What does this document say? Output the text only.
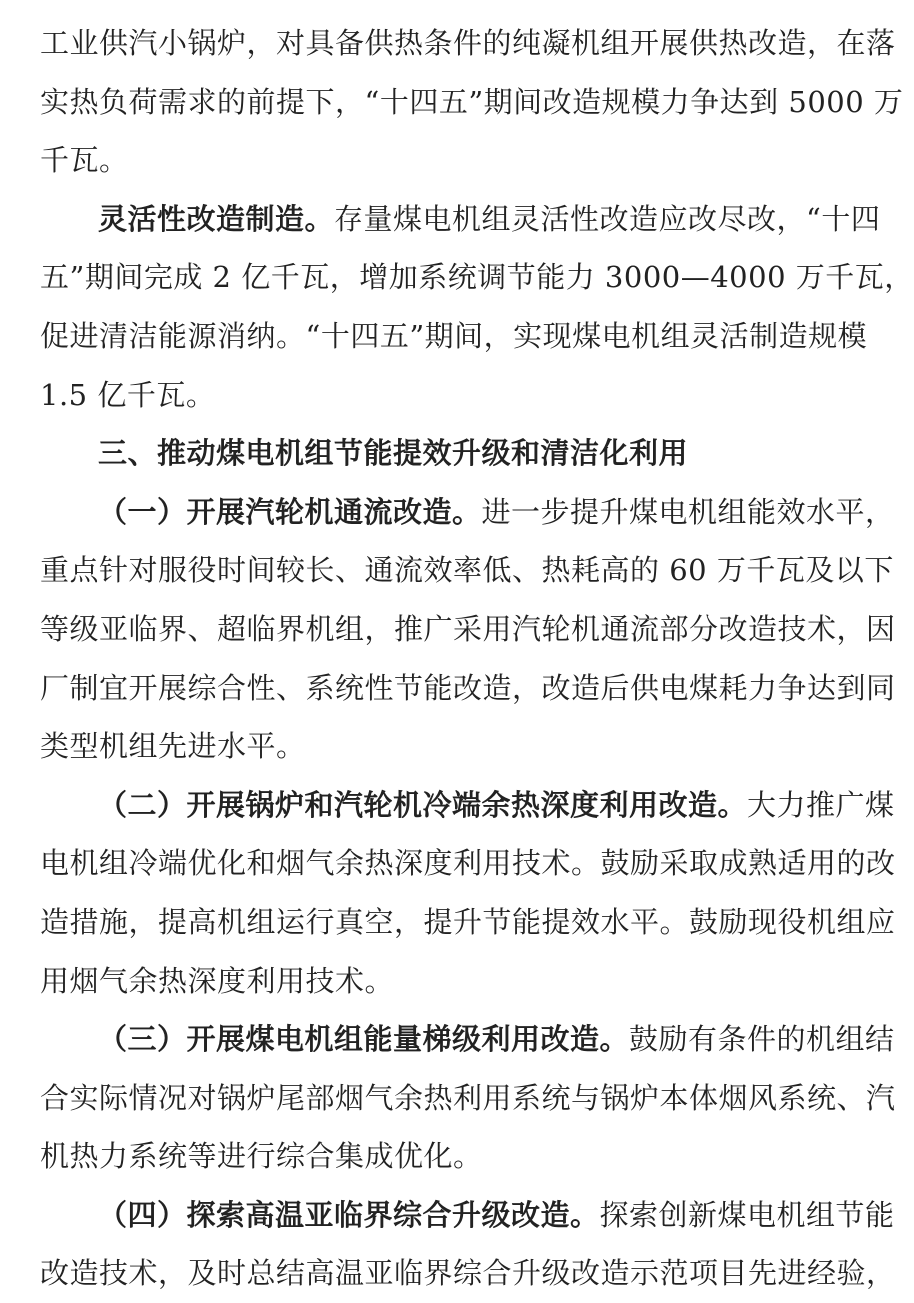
工业供汽小锅炉，对具备供热条件的纯凝机组开展供热改造，在落
实热负荷需求的前提下，“十四五”期间改造规模力争达到 5000 万
千瓦。
灵活性改造制造。存量煤电机组灵活性改造应改尽改，“十四
五”期间完成 2 亿千瓦，增加系统调节能力 3000—4000 万千瓦，
促进清洁能源消纳。“十四五”期间，实现煤电机组灵活制造规模
1.5 亿千瓦。
三、推动煤电机组节能提效升级和清洁化利用
（一）开展汽轮机通流改造。进一步提升煤电机组能效水平，
重点针对服役时间较长、通流效率低、热耗高的 60 万千瓦及以下
等级亚临界、超临界机组，推广采用汽轮机通流部分改造技术，因
厂制宜开展综合性、系统性节能改造，改造后供电煤耗力争达到同
类型机组先进水平。
（二）开展锅炉和汽轮机冷端余热深度利用改造。大力推广煤
电机组冷端优化和烟气余热深度利用技术。鼓励采取成熟适用的改
造措施，提高机组运行真空，提升节能提效水平。鼓励现役机组应
用烟气余热深度利用技术。
（三）开展煤电机组能量梯级利用改造。鼓励有条件的机组结
合实际情况对锅炉尾部烟气余热利用系统与锅炉本体烟风系统、汽
机热力系统等进行综合集成优化。
（四）探索高温亚临界综合升级改造。探索创新煤电机组节能
改造技术，及时总结高温亚临界综合升级改造示范项目先进经验，
